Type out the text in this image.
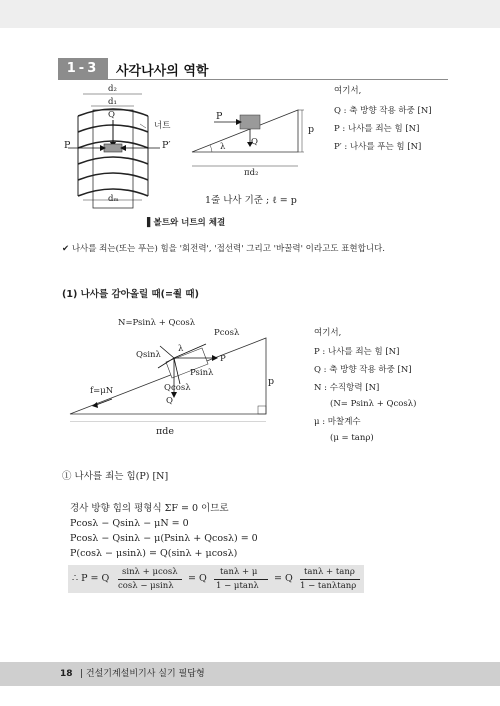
1-3	사각나사의 역학
d₂
d₁
Q
너트
P	P′
dₘ
P
λ	Q
p
πd₂
1줄 나사 기준 ; ℓ = p
▌볼트와 너트의 체결
여기서,
Q : 축 방향 작용 하중 [N]
P : 나사를 죄는 힘 [N]
P′ : 나사를 푸는 힘 [N]
✔ 나사를 죄는(또는 푸는) 힘을 '회전력', '접선력' 그리고 '바꿀력' 이라고도 표현합니다.
(1) 나사를 감아올릴 때(=죌 때)
N=Psinλ + Qcosλ
Pcosλ
Qsinλ
λ
P
Psinλ
Qcosλ
Q
f=μN
p
πde
여기서,
P : 나사를 죄는 힘 [N]
Q : 축 방향 작용 하중 [N]
N : 수직항력 [N]
(N= Psinλ + Qcosλ)
μ : 마찰계수
(μ = tanρ)
① 나사를 죄는 힘(P) [N]
경사 방향 힘의 평형식 ΣF = 0 이므로
Pcosλ − Qsinλ − μN = 0
Pcosλ − Qsinλ − μ(Psinλ + Qcosλ) = 0
P(cosλ − μsinλ) = Q(sinλ + μcosλ)
∴ P = Q
sinλ + μcosλ
cosλ − μsinλ
= Q
tanλ + μ
1 − μtanλ
= Q
tanλ + tanρ
1 − tanλtanρ
18 | 건설기계설비기사 실기 필답형
